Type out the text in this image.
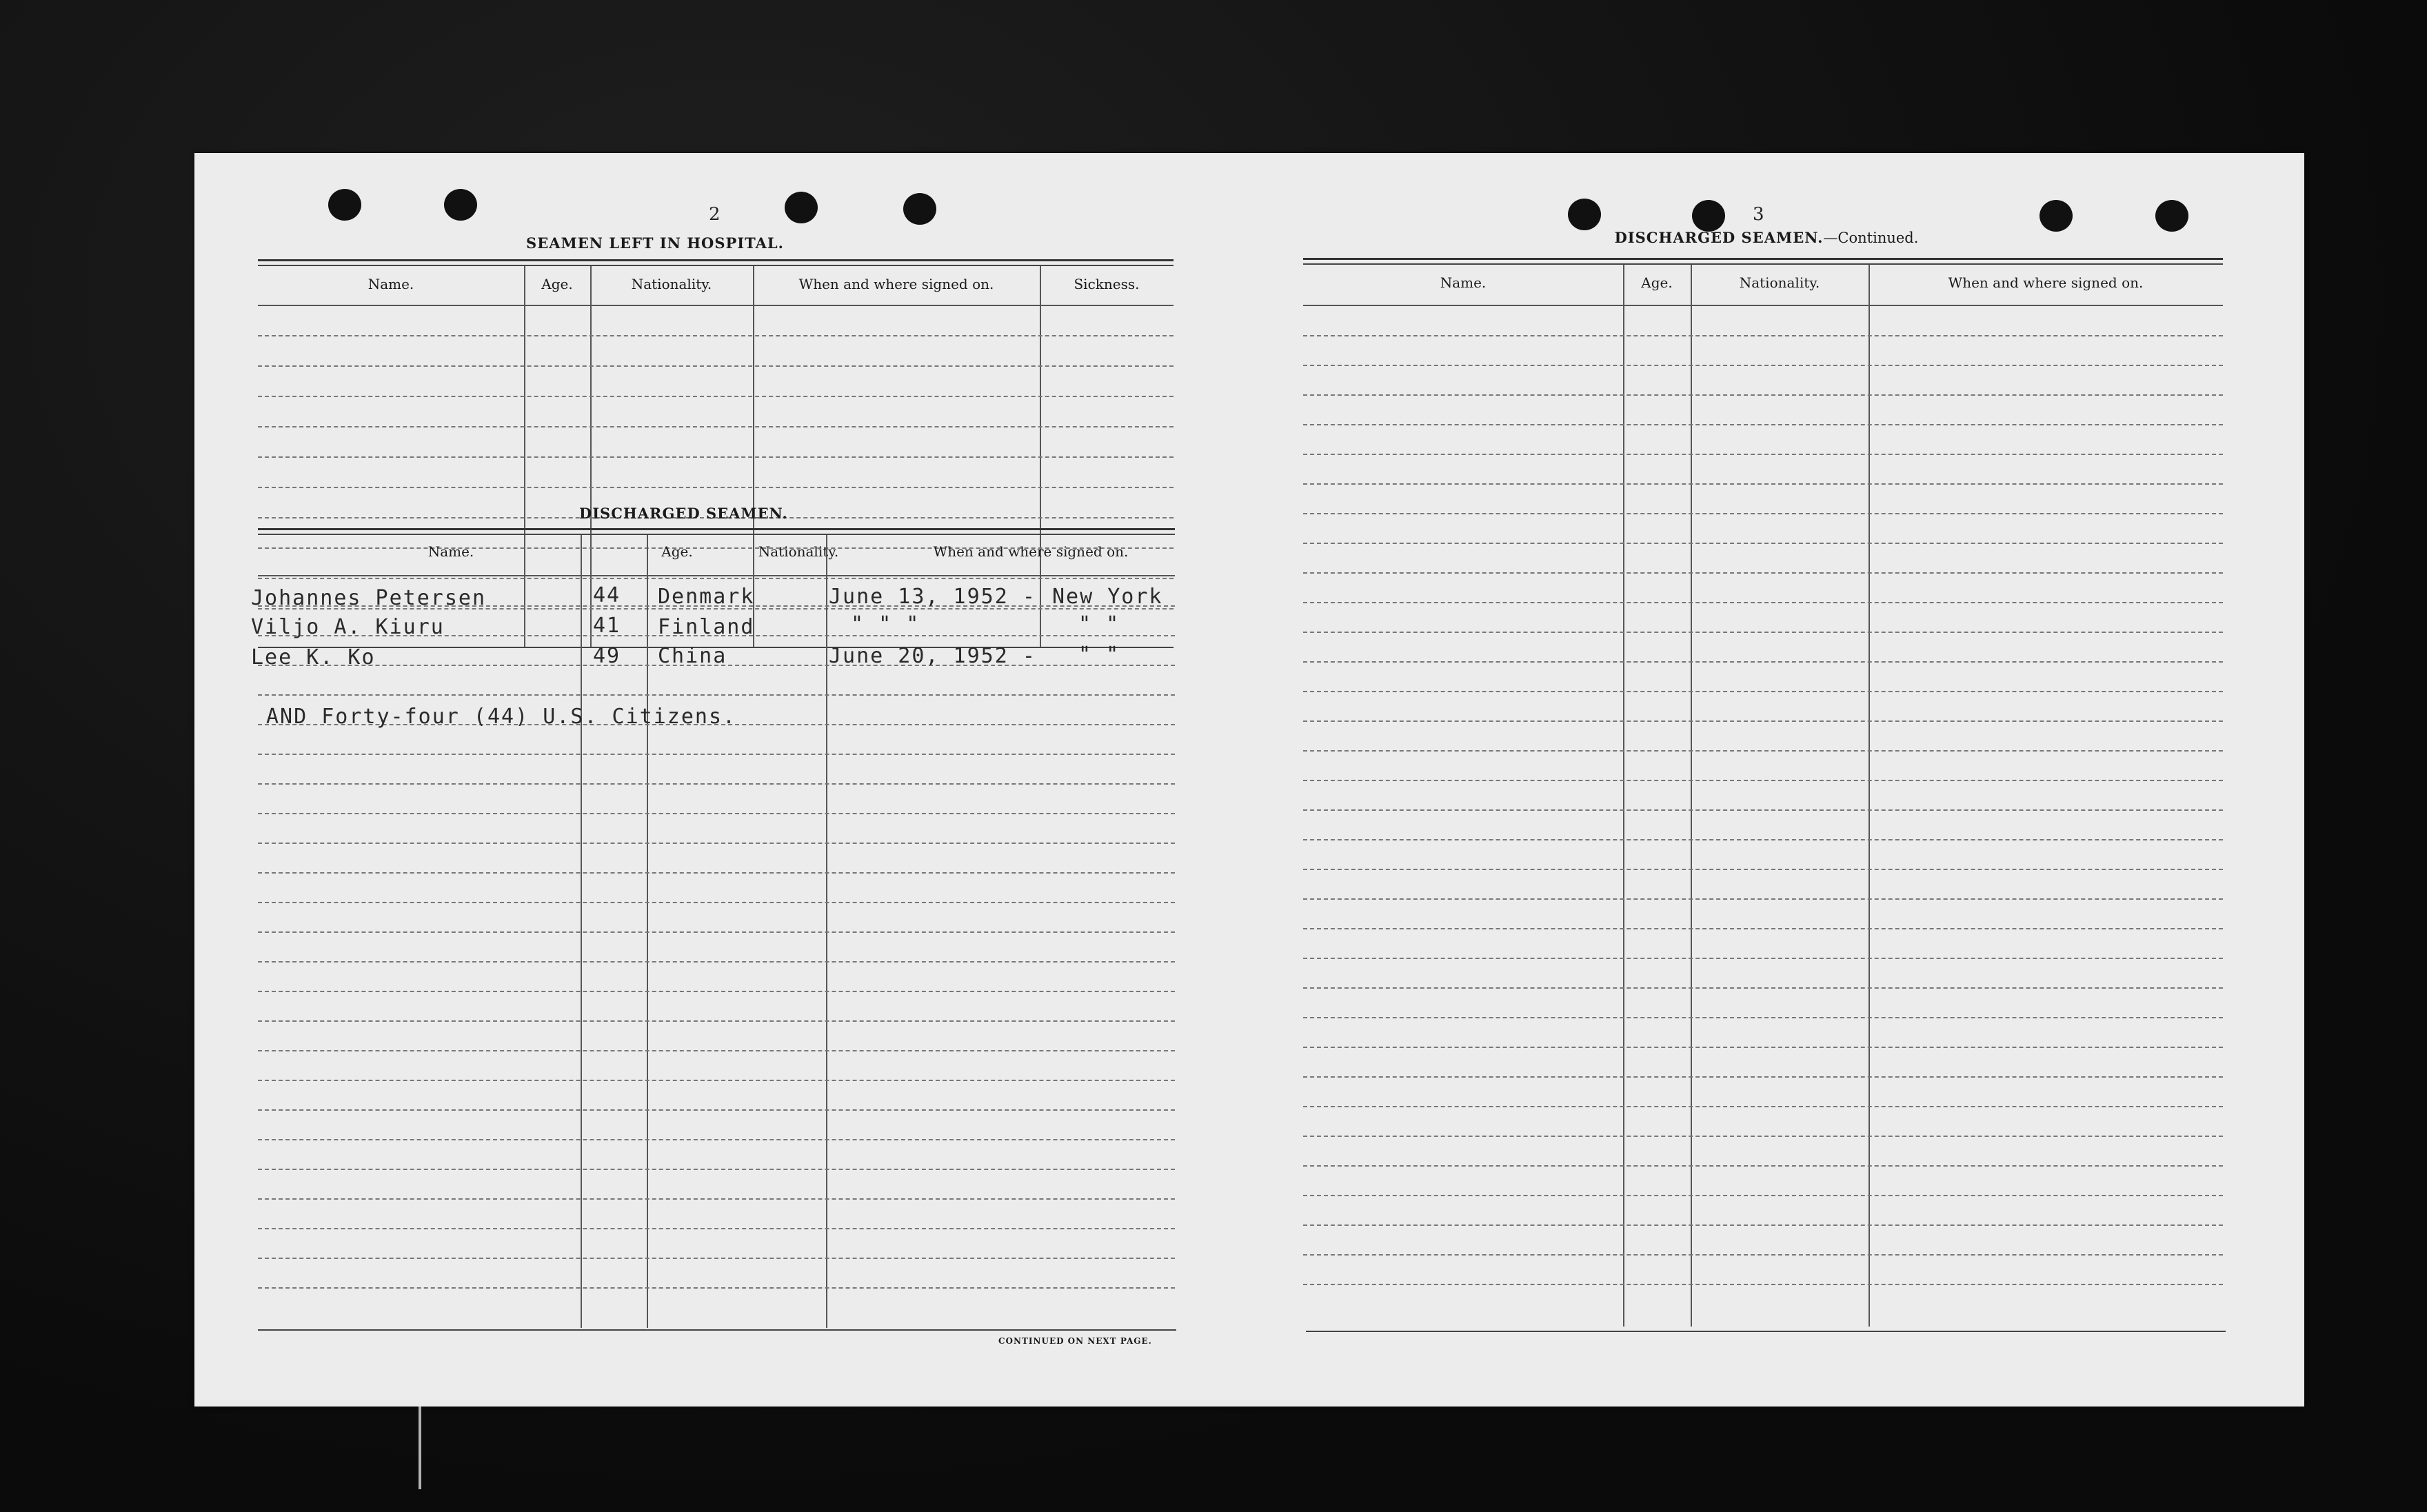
2
SEAMEN LEFT IN HOSPITAL.
Name.	Age.	Nationality.	When and where signed on.	Sickness.
DISCHARGED SEAMEN.
Name.	Age.	Nationality.	When and where signed on.
Johannes Petersen	44 Denmark	June 13, 1952 - New York
Viljo A. Kiuru	41 Finland	" " "	" "
Lee K. Ko	49 China	June 20, 1952 - " "
AND Forty-four (44) U.S. Citizens.
CONTINUED ON NEXT PAGE.
3
DISCHARGED SEAMEN.—Continued.
Name.	Age.	Nationality.	When and where signed on.
